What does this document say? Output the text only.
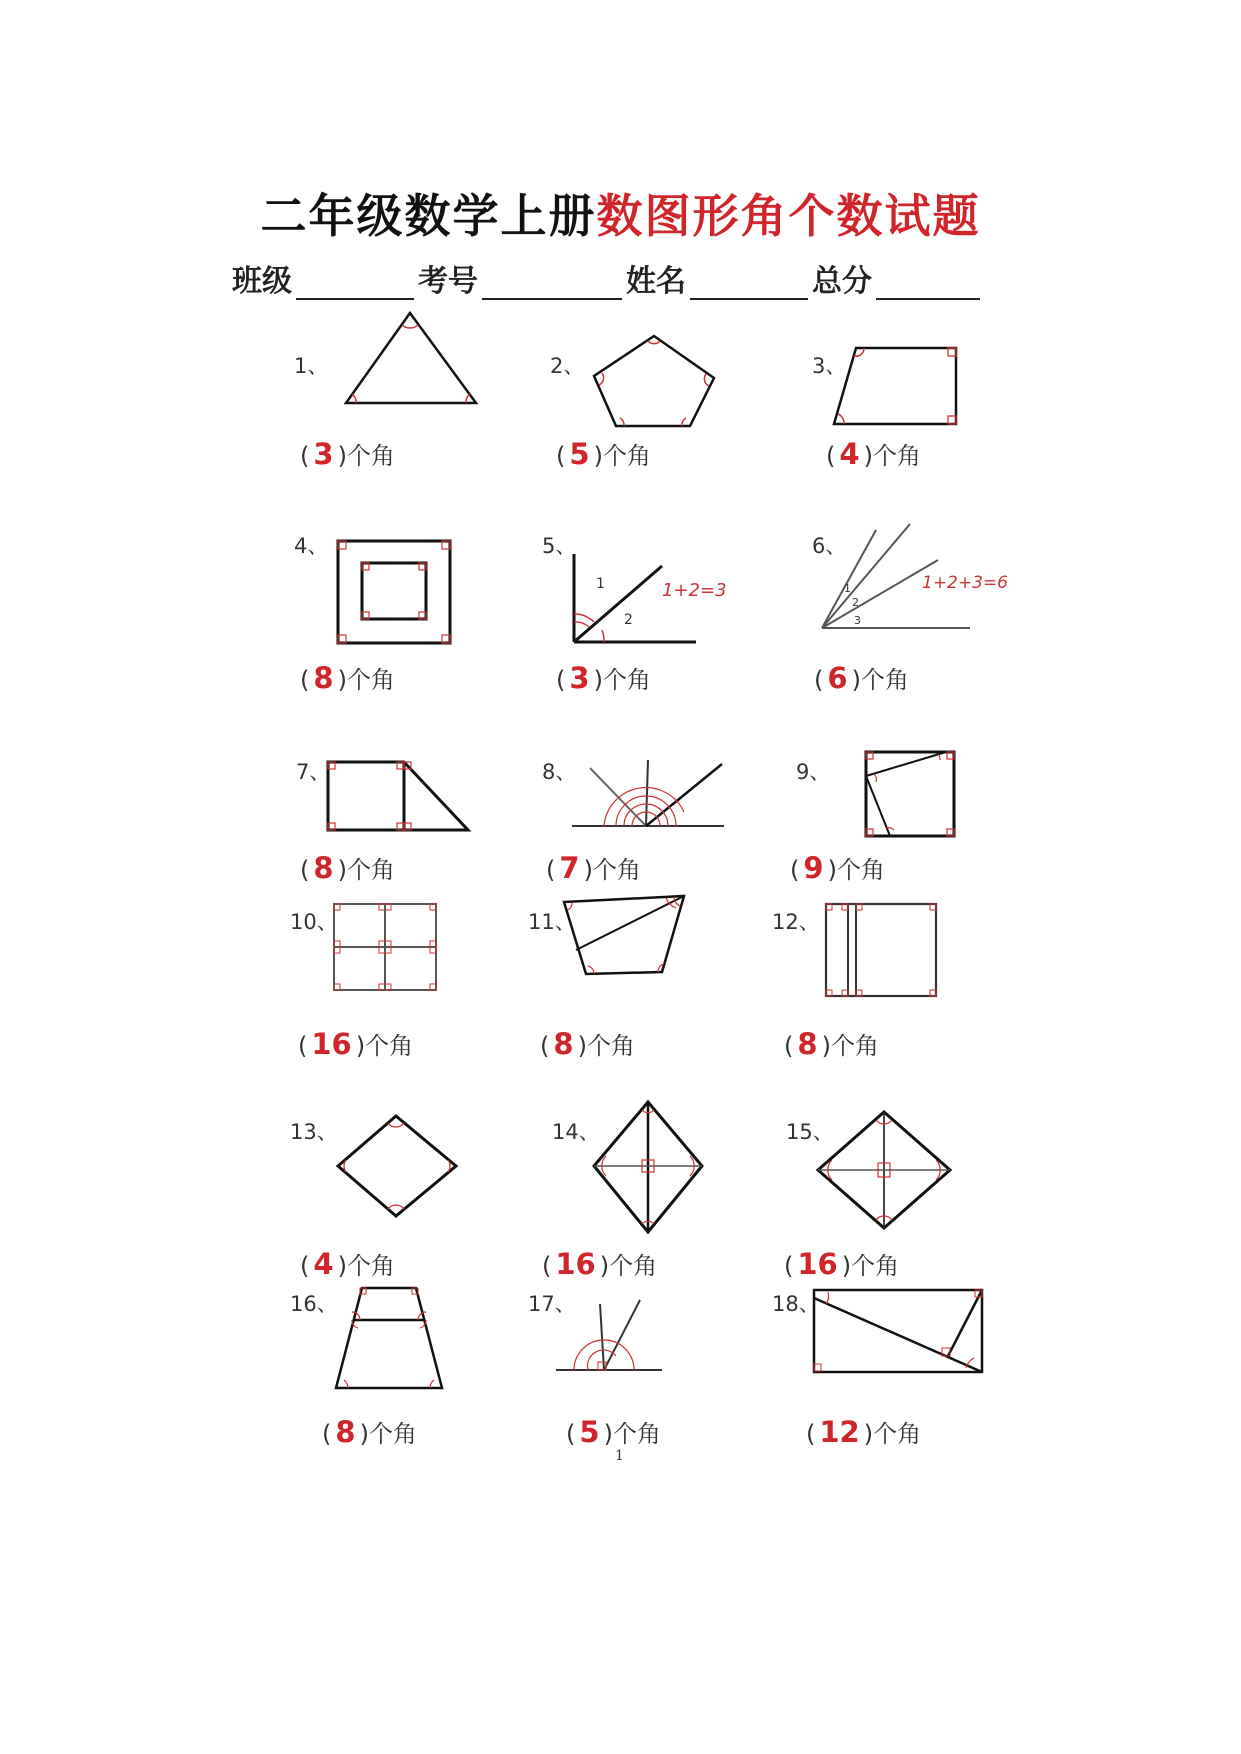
二年级数学上册数图形角个数试题
班级	考号	姓名	总分
1、
( 3 )个角
2、
( 5 )个角
3、
( 4 )个角
4、
( 8 )个角
5、
1
2
1+2=3
( 3 )个角
6、
1
2
3
1+2+3=6
( 6 )个角
7、
( 8 )个角
8、
( 7 )个角
9、
( 9 )个角
10、
( 16 )个角
11、
( 8 )个角
12、
( 8 )个角
13、
( 4 )个角
14、
( 16 )个角
15、
( 16 )个角
16、
( 8 )个角
17、
( 5 )个角
18、
( 12 )个角
1
